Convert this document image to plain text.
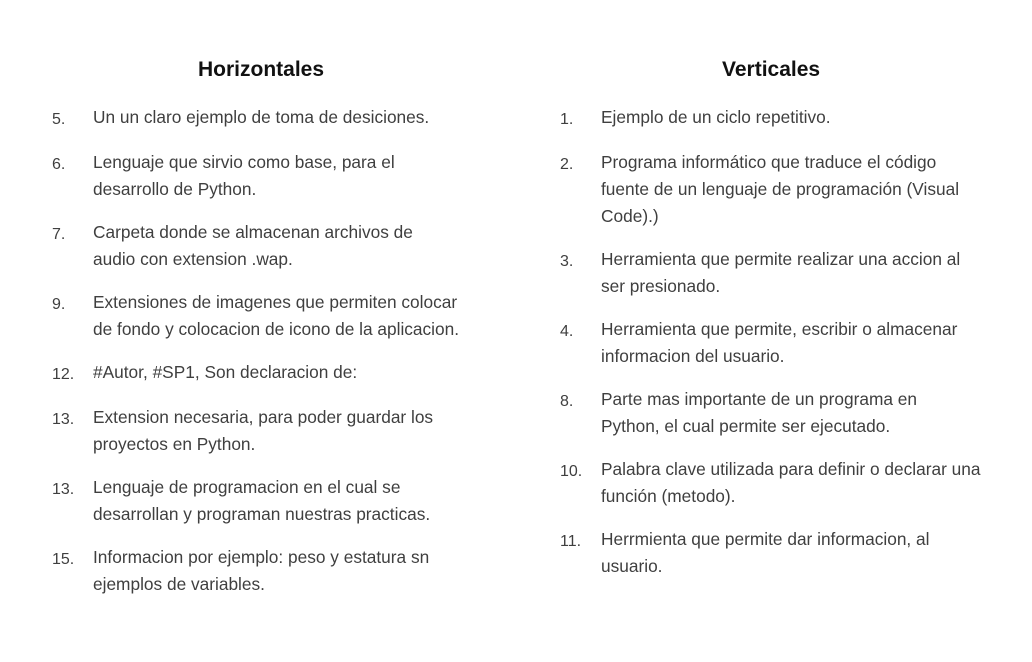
Horizontales
5.	Un un claro ejemplo de toma de desiciones.
6.	Lenguaje que sirvio como base, para el desarrollo de Python.
7.	Carpeta donde se almacenan archivos de audio con extension .wap.
9.	Extensiones de imagenes que permiten colocar de fondo y colocacion de icono de la aplicacion.
12.	#Autor, #SP1, Son declaracion de:
13.	Extension necesaria, para poder guardar los proyectos en Python.
13.	Lenguaje de programacion en el cual se desarrollan y programan nuestras practicas.
15.	Informacion por ejemplo: peso y estatura sn ejemplos de variables.
Verticales
1.	Ejemplo de un ciclo repetitivo.
2.	Programa informático que traduce el código fuente de un lenguaje de programación (Visual Code).)
3.	Herramienta que permite realizar una accion al ser presionado.
4.	Herramienta que permite, escribir o almacenar informacion del usuario.
8.	Parte mas importante de un programa en Python, el cual permite ser ejecutado.
10.	Palabra clave utilizada para definir o declarar una función (metodo).
11.	Herrmienta que permite dar informacion, al usuario.
